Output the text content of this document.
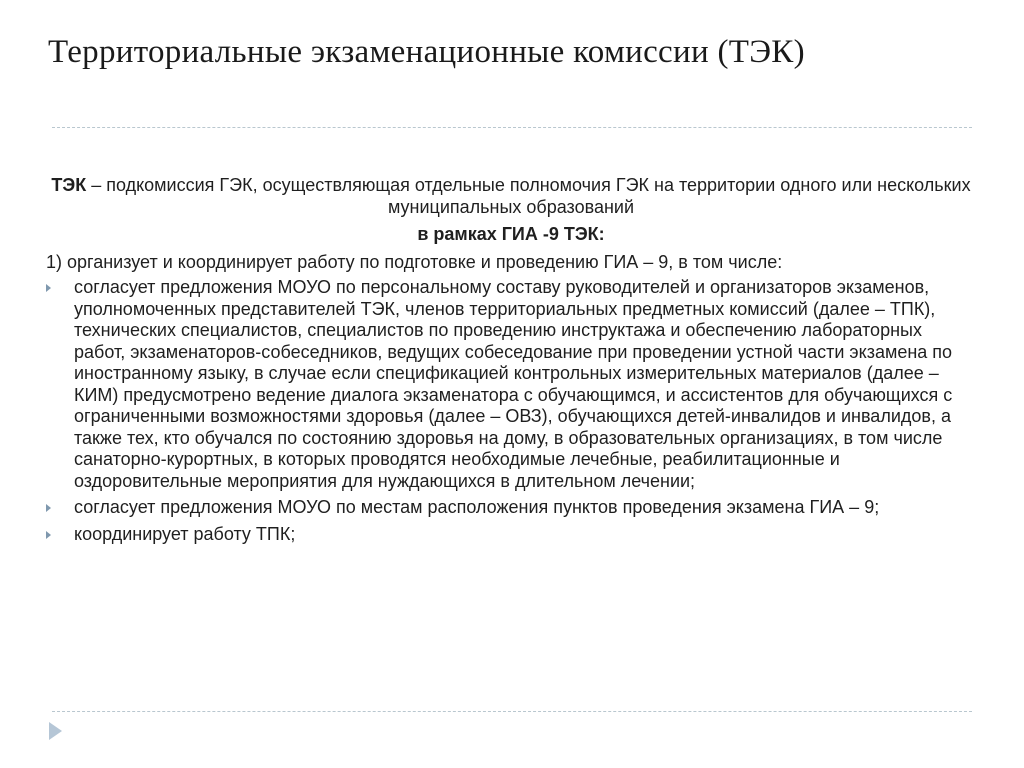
Территориальные экзаменационные комиссии (ТЭК)

ТЭК – подкомиссия ГЭК, осуществляющая отдельные полномочия ГЭК на территории одного или нескольких муниципальных образований

в рамках ГИА -9 ТЭК:

1) организует и координирует работу по подготовке и проведению ГИА – 9, в том числе:

согласует предложения МОУО по персональному составу руководителей и организаторов экзаменов, уполномоченных представителей ТЭК, членов территориальных предметных комиссий (далее – ТПК), технических специалистов, специалистов по проведению инструктажа и обеспечению лабораторных работ, экзаменаторов-собеседников, ведущих собеседование при проведении устной части экзамена по иностранному языку, в случае если спецификацией контрольных измерительных материалов (далее – КИМ) предусмотрено ведение диалога экзаменатора с обучающимся, и ассистентов для обучающихся с ограниченными возможностями здоровья (далее – ОВЗ), обучающихся детей-инвалидов и инвалидов, а также тех, кто обучался по состоянию здоровья на дому, в образовательных организациях, в том числе санаторно-курортных, в которых проводятся необходимые лечебные, реабилитационные и оздоровительные мероприятия для нуждающихся в длительном лечении;
согласует предложения МОУО по местам расположения пунктов проведения экзамена ГИА – 9;
координирует работу ТПК;
